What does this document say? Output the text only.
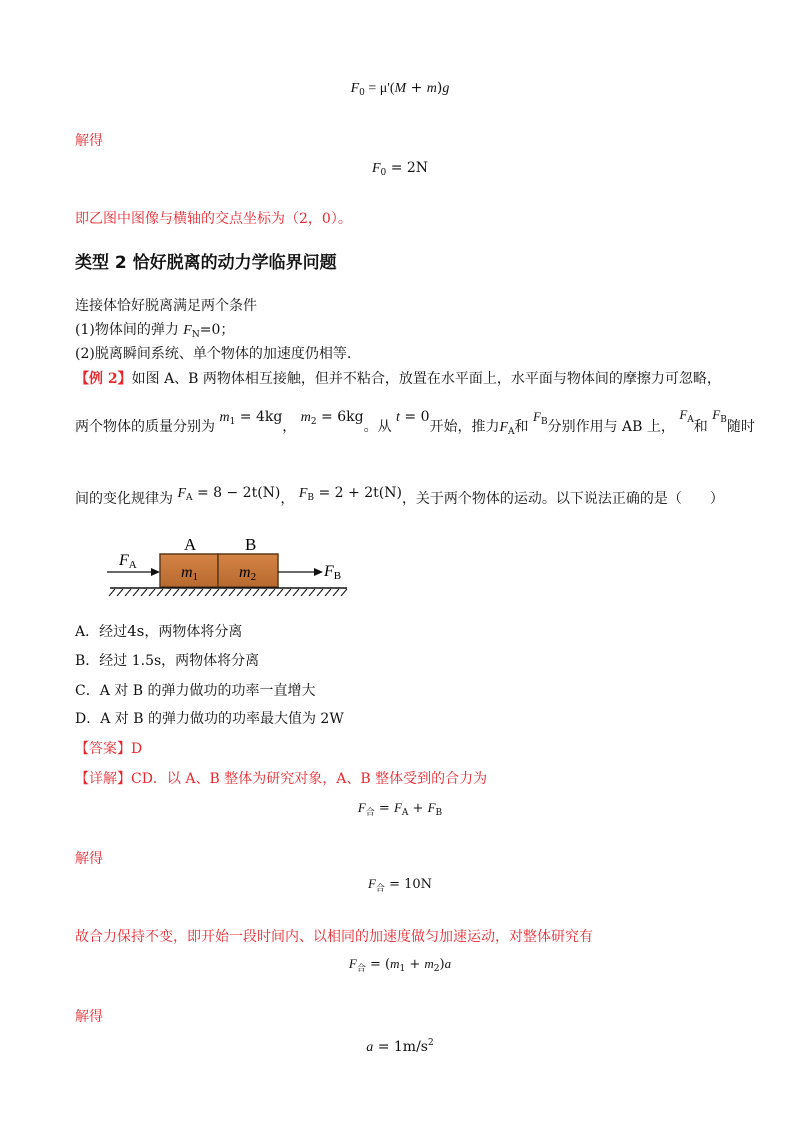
$F_0 = \mu'(M + m)g$
解得
$F_0 = 2N$
即乙图中图像与横轴的交点坐标为（2，0）。
类型 2 恰好脱离的动力学临界问题
连接体恰好脱离满足两个条件
(1)物体间的弹力 $F_N=0$；
(2)脱离瞬间系统、单个物体的加速度仍相等.
【例 2】如图 A、B 两物体相互接触，但并不粘合，放置在水平面上，水平面与物体间的摩擦力可忽略，
两个物体的质量分别为 $m_1 = 4kg$， $m_2 = 6kg$。从 t = 0开始，推力$F_A$和 $F_B$分别作用与 AB 上， $F_A$和 $F_B$随时
间的变化规律为 $F_A = 8 - 2t(N)$， $F_B = 2 + 2t(N)$，关于两个物体的运动。以下说法正确的是（　　）
A	B
m1	m2
FA	FB
A．经过4s，两物体将分离
B．经过 1.5s，两物体将分离
C．A 对 B 的弹力做功的功率一直增大
D．A 对 B 的弹力做功的功率最大值为 2W
【答案】D
【详解】CD．以 A、B 整体为研究对象，A、B 整体受到的合力为
$F_合 = F_A + F_B$
解得
$F_合 = 10N$
故合力保持不变，即开始一段时间内、以相同的加速度做匀加速运动，对整体研究有
$F_合 = (m_1 + m_2)a$
解得
$a = 1m/s^2$
